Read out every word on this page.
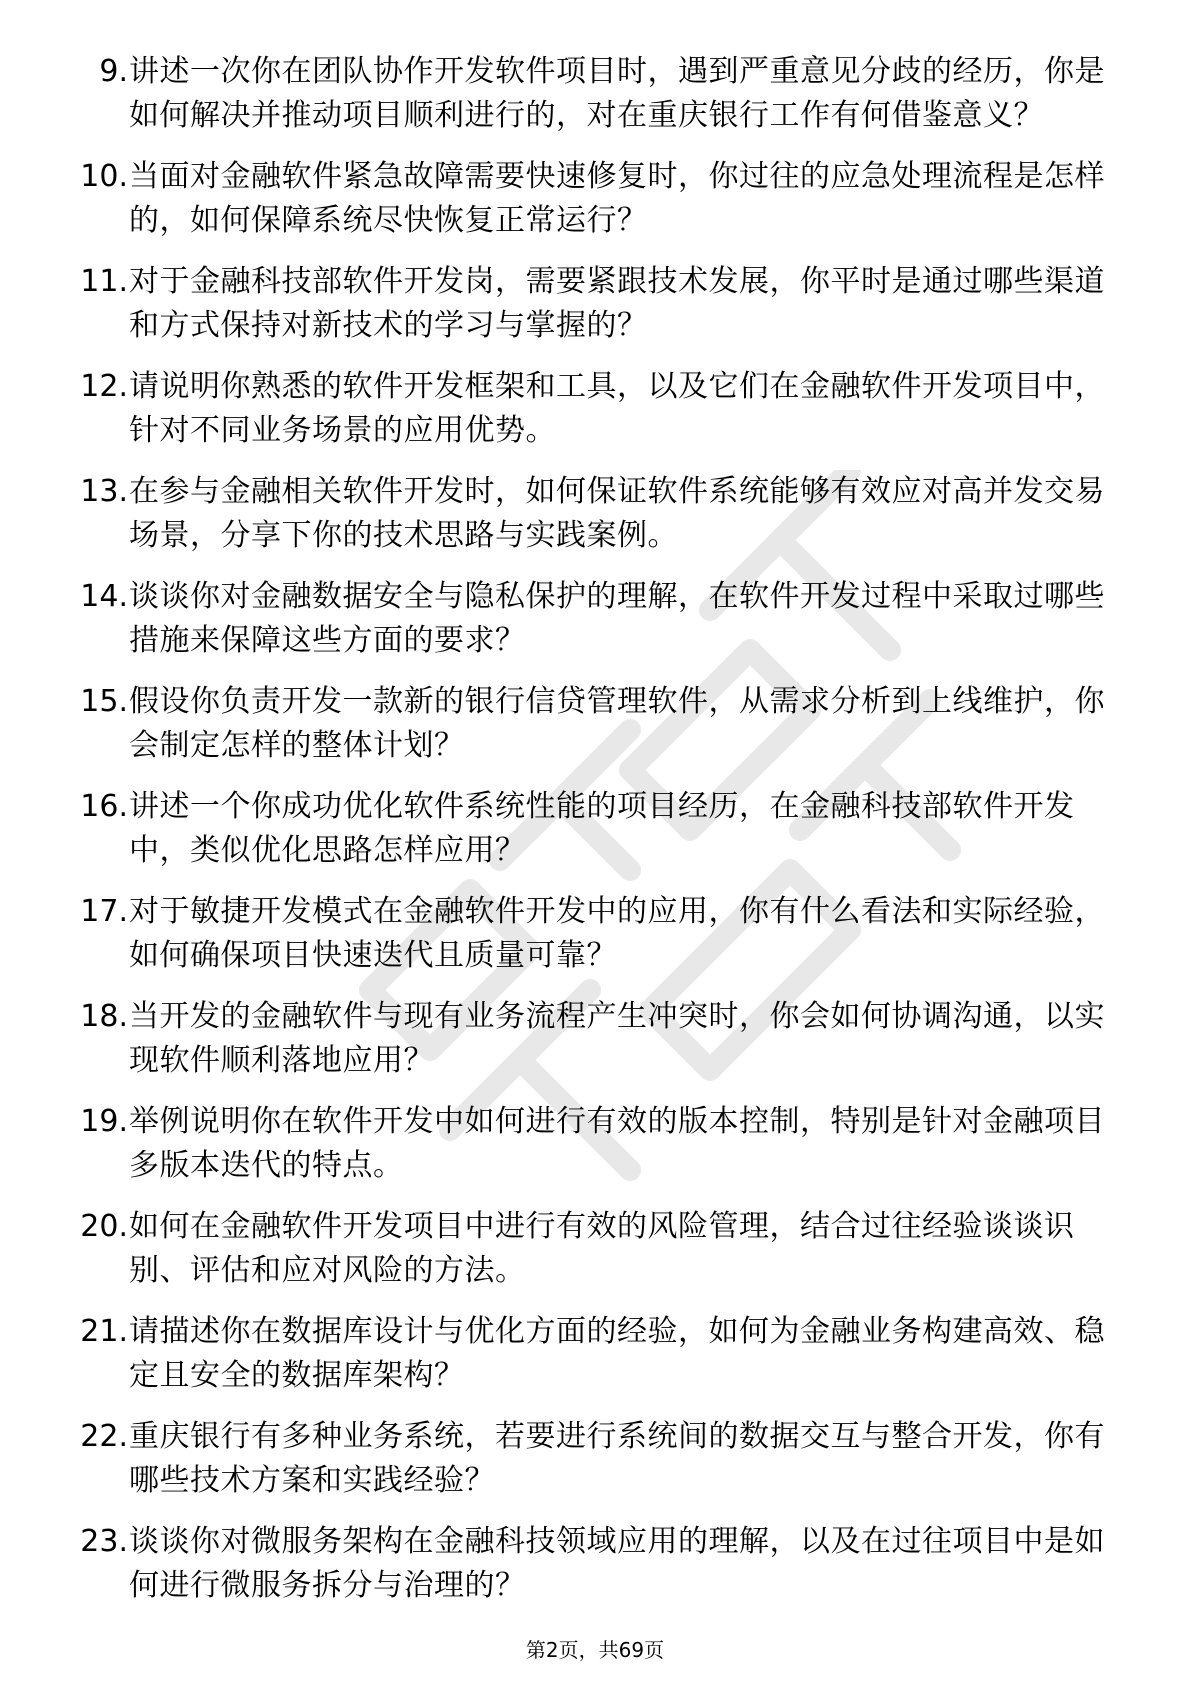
9. 讲述一次你在团队协作开发软件项目时，遇到严重意见分歧的经历，你是如何解决并推动项目顺利进行的，对在重庆银行工作有何借鉴意义？
10. 当面对金融软件紧急故障需要快速修复时，你过往的应急处理流程是怎样的，如何保障系统尽快恢复正常运行？
11. 对于金融科技部软件开发岗，需要紧跟技术发展，你平时是通过哪些渠道和方式保持对新技术的学习与掌握的？
12. 请说明你熟悉的软件开发框架和工具，以及它们在金融软件开发项目中，针对不同业务场景的应用优势。
13. 在参与金融相关软件开发时，如何保证软件系统能够有效应对高并发交易场景，分享下你的技术思路与实践案例。
14. 谈谈你对金融数据安全与隐私保护的理解，在软件开发过程中采取过哪些措施来保障这些方面的要求？
15. 假设你负责开发一款新的银行信贷管理软件，从需求分析到上线维护，你会制定怎样的整体计划？
16. 讲述一个你成功优化软件系统性能的项目经历，在金融科技部软件开发中，类似优化思路怎样应用？
17. 对于敏捷开发模式在金融软件开发中的应用，你有什么看法和实际经验，如何确保项目快速迭代且质量可靠？
18. 当开发的金融软件与现有业务流程产生冲突时，你会如何协调沟通，以实现软件顺利落地应用？
19. 举例说明你在软件开发中如何进行有效的版本控制，特别是针对金融项目多版本迭代的特点。
20. 如何在金融软件开发项目中进行有效的风险管理，结合过往经验谈谈识别、评估和应对风险的方法。
21. 请描述你在数据库设计与优化方面的经验，如何为金融业务构建高效、稳定且安全的数据库架构？
22. 重庆银行有多种业务系统，若要进行系统间的数据交互与整合开发，你有哪些技术方案和实践经验？
23. 谈谈你对微服务架构在金融科技领域应用的理解，以及在过往项目中是如何进行微服务拆分与治理的？
第2页，共69页
